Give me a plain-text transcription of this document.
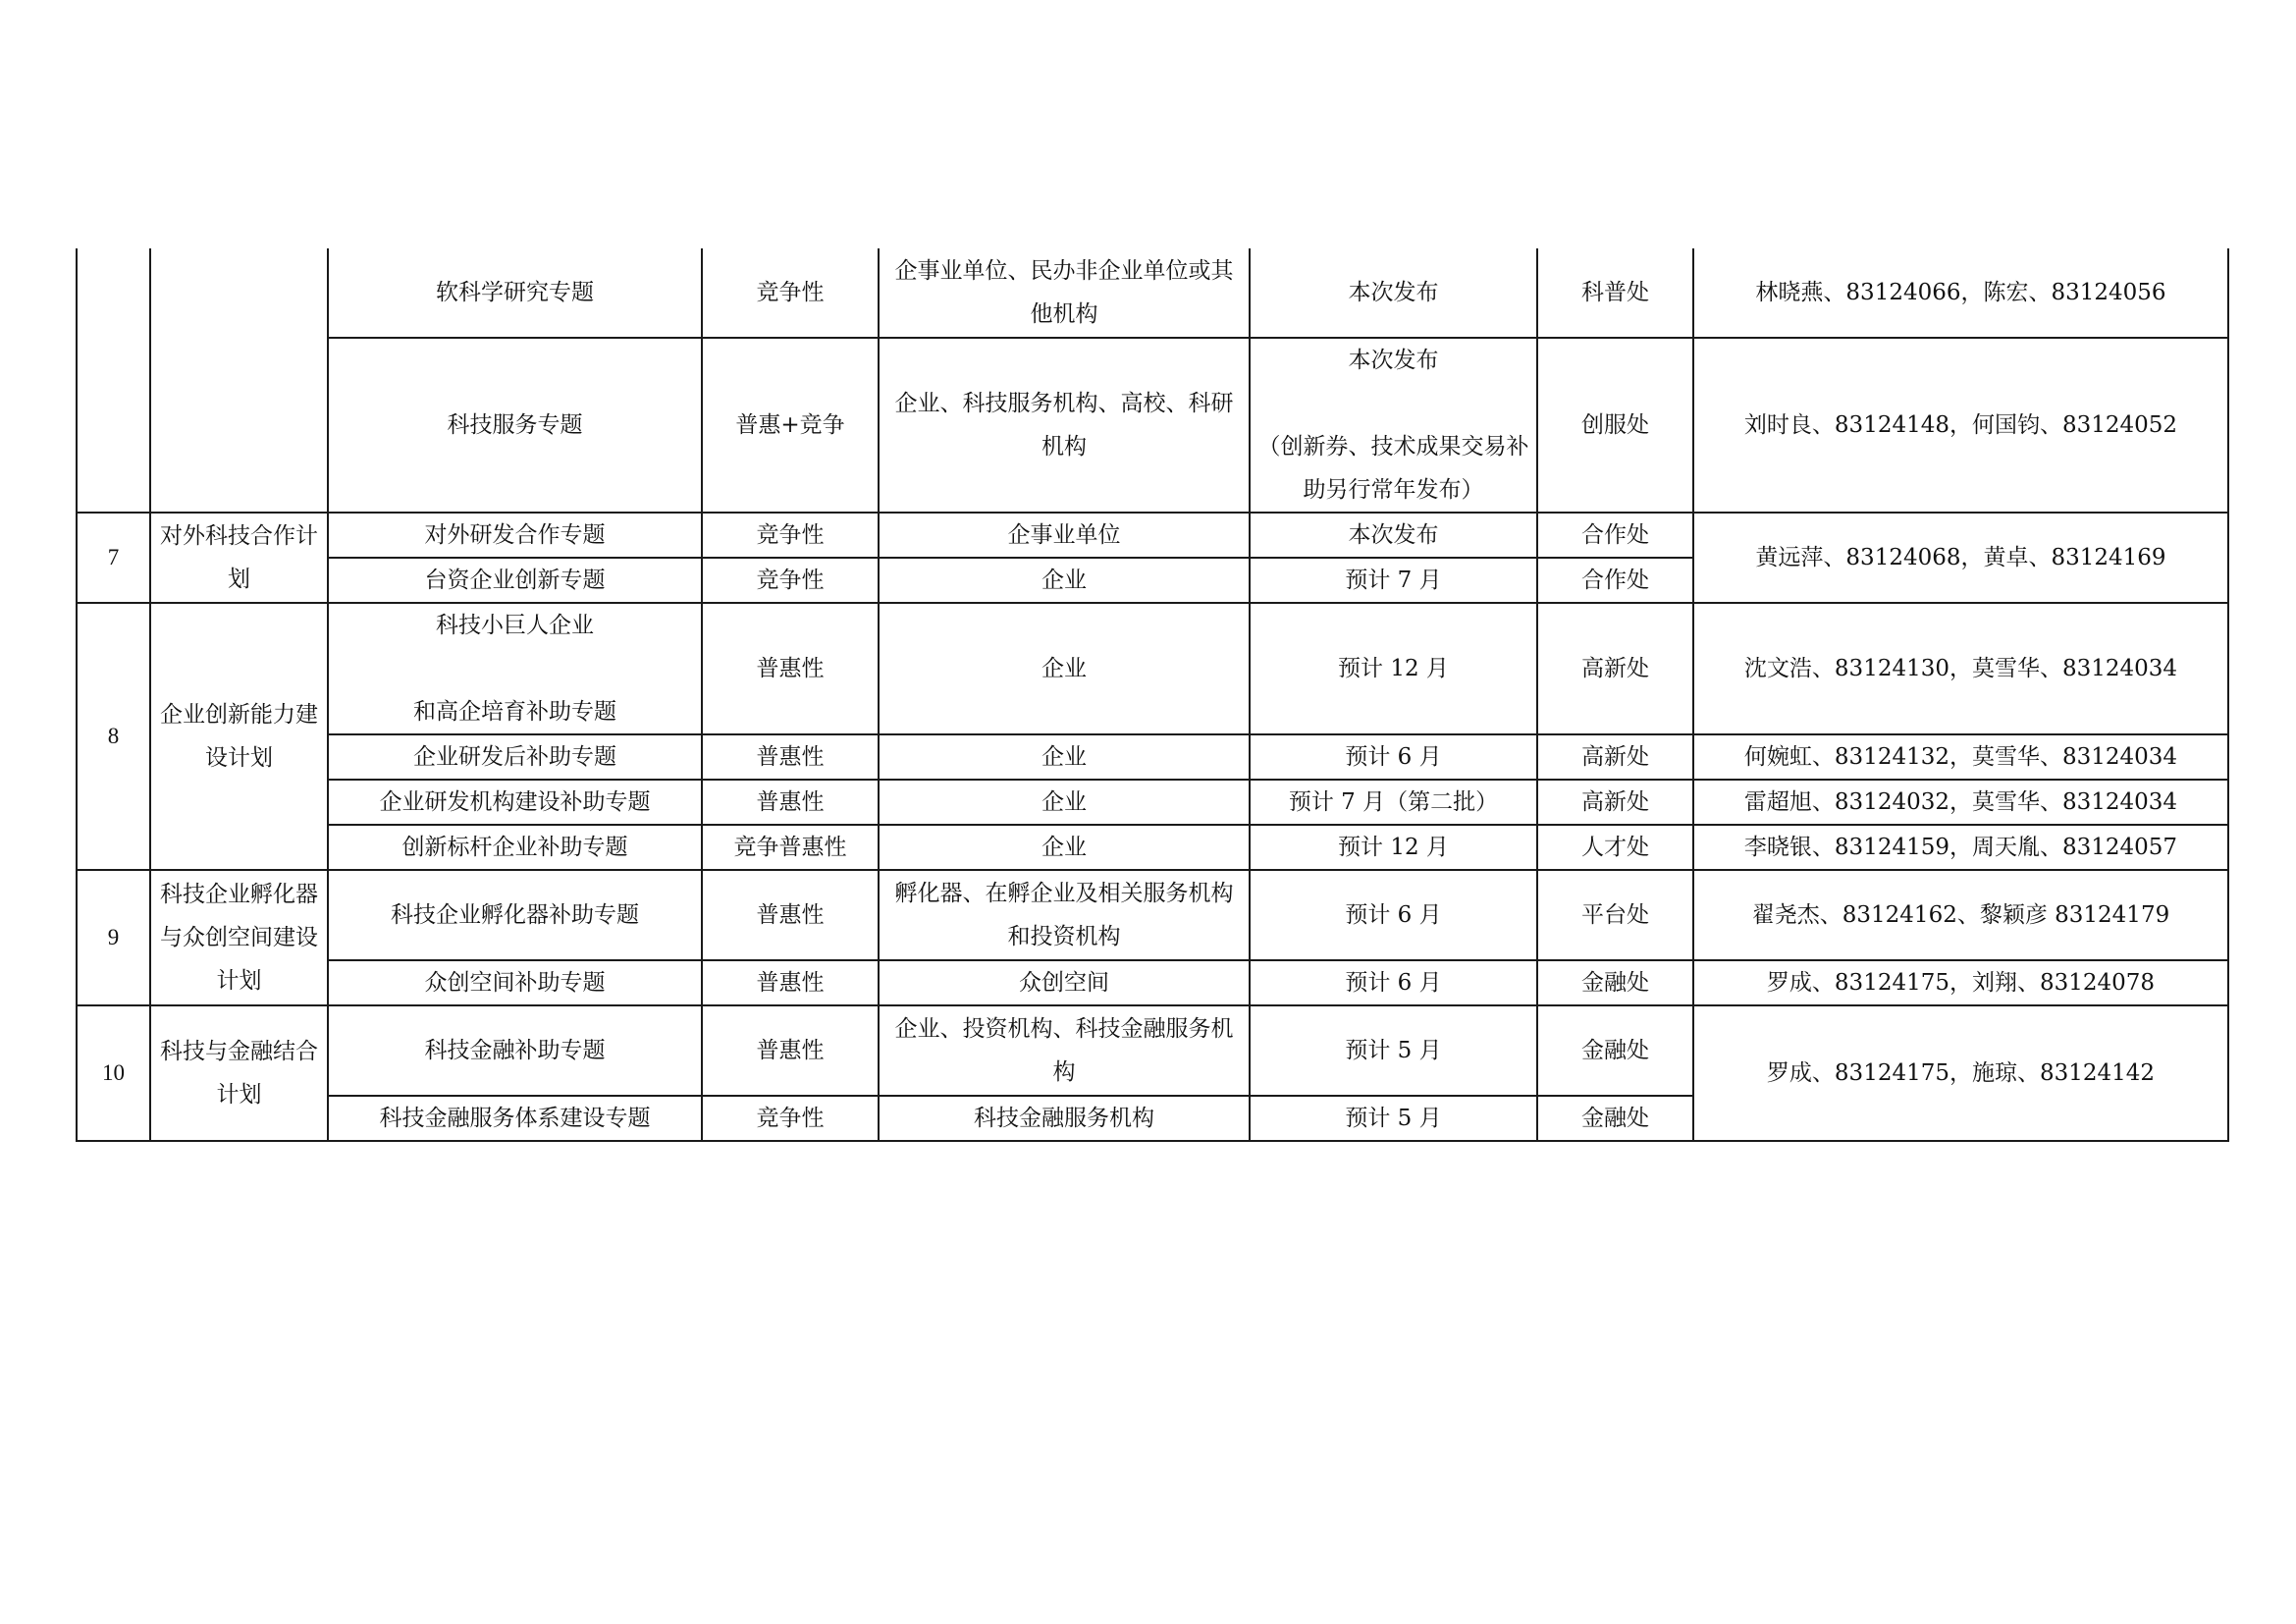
		软科学研究专题	竞争性	企事业单位、民办非企业单位或其他机构	本次发布	科普处	林晓燕、83124066，陈宏、83124056
		科技服务专题	普惠+竞争	企业、科技服务机构、高校、科研机构	本次发布

（创新券、技术成果交易补助另行常年发布）	创服处	刘时良、83124148，何国钧、83124052
7	对外科技合作计划	对外研发合作专题	竞争性	企事业单位	本次发布	合作处	黄远萍、83124068，黄卓、83124169
		台资企业创新专题	竞争性	企业	预计 7 月	合作处	
8	企业创新能力建设计划	科技小巨人企业

和高企培育补助专题	普惠性	企业	预计 12 月	高新处	沈文浩、83124130，莫雪华、83124034
		企业研发后补助专题	普惠性	企业	预计 6 月	高新处	何婉虹、83124132，莫雪华、83124034
		企业研发机构建设补助专题	普惠性	企业	预计 7 月（第二批）	高新处	雷超旭、83124032，莫雪华、83124034
		创新标杆企业补助专题	竞争普惠性	企业	预计 12 月	人才处	李晓银、83124159，周天胤、83124057
9	科技企业孵化器与众创空间建设计划	科技企业孵化器补助专题	普惠性	孵化器、在孵企业及相关服务机构和投资机构	预计 6 月	平台处	翟尧杰、83124162、黎颖彦 83124179
		众创空间补助专题	普惠性	众创空间	预计 6 月	金融处	罗成、83124175，刘翔、83124078
10	科技与金融结合计划	科技金融补助专题	普惠性	企业、投资机构、科技金融服务机构	预计 5 月	金融处	罗成、83124175，施琼、83124142
		科技金融服务体系建设专题	竞争性	科技金融服务机构	预计 5 月	金融处	
